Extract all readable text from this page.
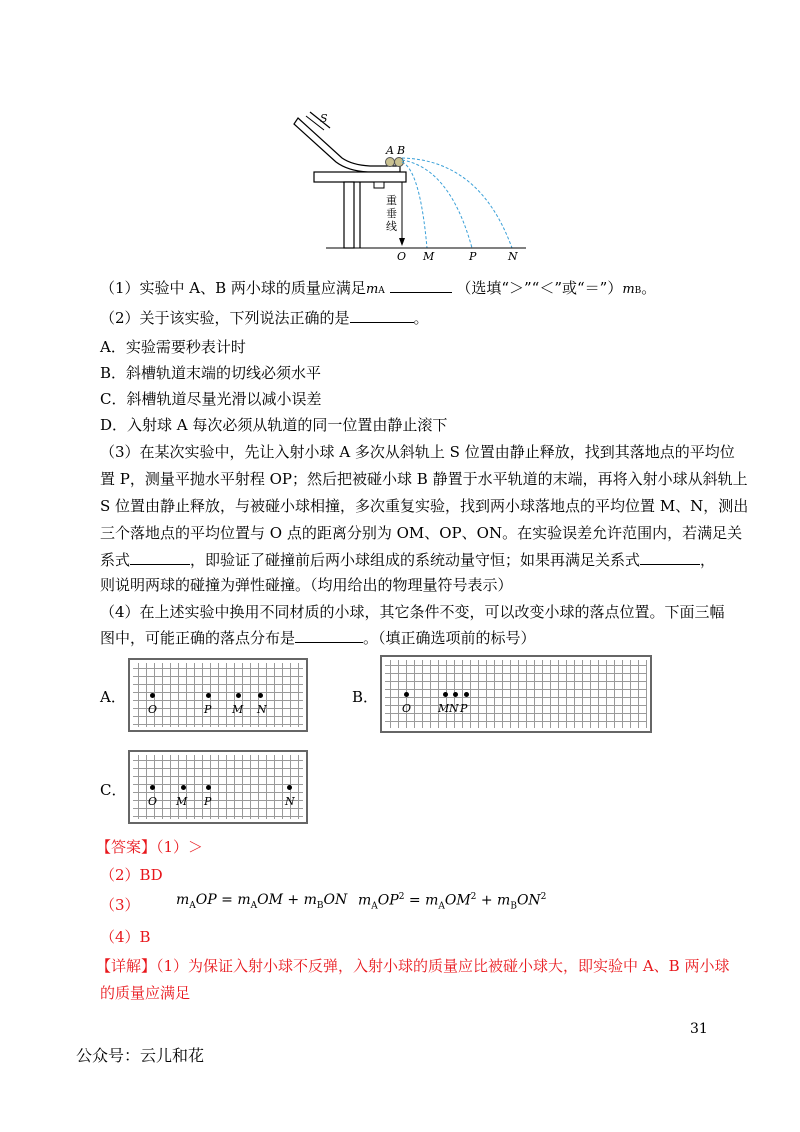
S
A B
重垂线
O M	P	N
（1）实验中 A、B 两小球的质量应满足mA	（选填“＞”“＜”或“＝”）mB。
（2）关于该实验，下列说法正确的是	。
A．实验需要秒表计时
B．斜槽轨道末端的切线必须水平
C．斜槽轨道尽量光滑以减小误差
D．入射球 A 每次必须从轨道的同一位置由静止滚下
（3）在某次实验中，先让入射小球 A 多次从斜轨上 S 位置由静止释放，找到其落地点的平均位
置 P，测量平抛水平射程 OP；然后把被碰小球 B 静置于水平轨道的末端，再将入射小球从斜轨上
S 位置由静止释放，与被碰小球相撞，多次重复实验，找到两小球落地点的平均位置 M、N，测出
三个落地点的平均位置与 O 点的距离分别为 OM、OP、ON。在实验误差允许范围内，若满足关
系式	，即验证了碰撞前后两小球组成的系统动量守恒；如果再满足关系式	，
则说明两球的碰撞为弹性碰撞。（均用给出的物理量符号表示）
（4）在上述实验中换用不同材质的小球，其它条件不变，可以改变小球的落点位置。下面三幅
图中，可能正确的落点分布是	。（填正确选项前的标号）
A．
O	P M N
B．
O M N P
C．
O M P	N
【答案】（1）＞
（2）BD
（3）	$m_AOP = m_AOM + m_BON$ $m_AOP^2 = m_AOM^2 + m_BON^2$
（4）B
【详解】（1）为保证入射小球不反弹，入射小球的质量应比被碰小球大，即实验中 A、B 两小球
的质量应满足
31
公众号：云儿和花
